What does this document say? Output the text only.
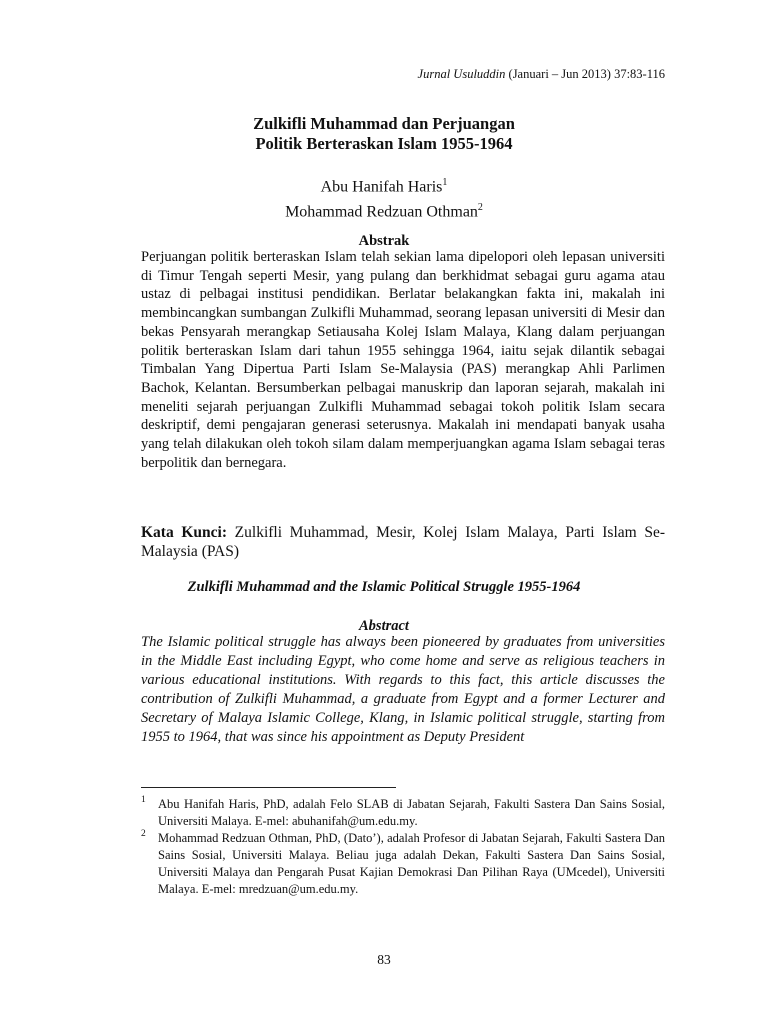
Jurnal Usuluddin (Januari – Jun 2013) 37:83-116
Zulkifli Muhammad dan Perjuangan
Politik Berteraskan Islam 1955-1964
Abu Hanifah Haris$^1$
Mohammad Redzuan Othman$^2$
Abstrak
Perjuangan politik berteraskan Islam telah sekian lama dipelopori oleh lepasan universiti di Timur Tengah seperti Mesir, yang pulang dan berkhidmat sebagai guru agama atau ustaz di pelbagai institusi pendidikan. Berlatar belakangkan fakta ini, makalah ini membincangkan sumbangan Zulkifli Muhammad, seorang lepasan universiti di Mesir dan bekas Pensyarah merangkap Setiausaha Kolej Islam Malaya, Klang dalam perjuangan politik berteraskan Islam dari tahun 1955 sehingga 1964, iaitu sejak dilantik sebagai Timbalan Yang Dipertua Parti Islam Se-Malaysia (PAS) merangkap Ahli Parlimen Bachok, Kelantan. Bersumberkan pelbagai manuskrip dan laporan sejarah, makalah ini meneliti sejarah perjuangan Zulkifli Muhammad sebagai tokoh politik Islam secara deskriptif, demi pengajaran generasi seterusnya. Makalah ini mendapati banyak usaha yang telah dilakukan oleh tokoh silam dalam memperjuangkan agama Islam sebagai teras berpolitik dan bernegara.
Kata Kunci: Zulkifli Muhammad, Mesir, Kolej Islam Malaya, Parti Islam Se-Malaysia (PAS)
Zulkifli Muhammad and the Islamic Political Struggle 1955-1964
Abstract
The Islamic political struggle has always been pioneered by graduates from universities in the Middle East including Egypt, who come home and serve as religious teachers in various educational institutions. With regards to this fact, this article discusses the contribution of Zulkifli Muhammad, a graduate from Egypt and a former Lecturer and Secretary of Malaya Islamic College, Klang, in Islamic political struggle, starting from 1955 to 1964, that was since his appointment as Deputy President
1 Abu Hanifah Haris, PhD, adalah Felo SLAB di Jabatan Sejarah, Fakulti Sastera Dan Sains Sosial, Universiti Malaya. E-mel: abuhanifah@um.edu.my.
2 Mohammad Redzuan Othman, PhD, (Dato’), adalah Profesor di Jabatan Sejarah, Fakulti Sastera Dan Sains Sosial, Universiti Malaya. Beliau juga adalah Dekan, Fakulti Sastera Dan Sains Sosial, Universiti Malaya dan Pengarah Pusat Kajian Demokrasi Dan Pilihan Raya (UMcedel), Universiti Malaya. E-mel: mredzuan@um.edu.my.
83
